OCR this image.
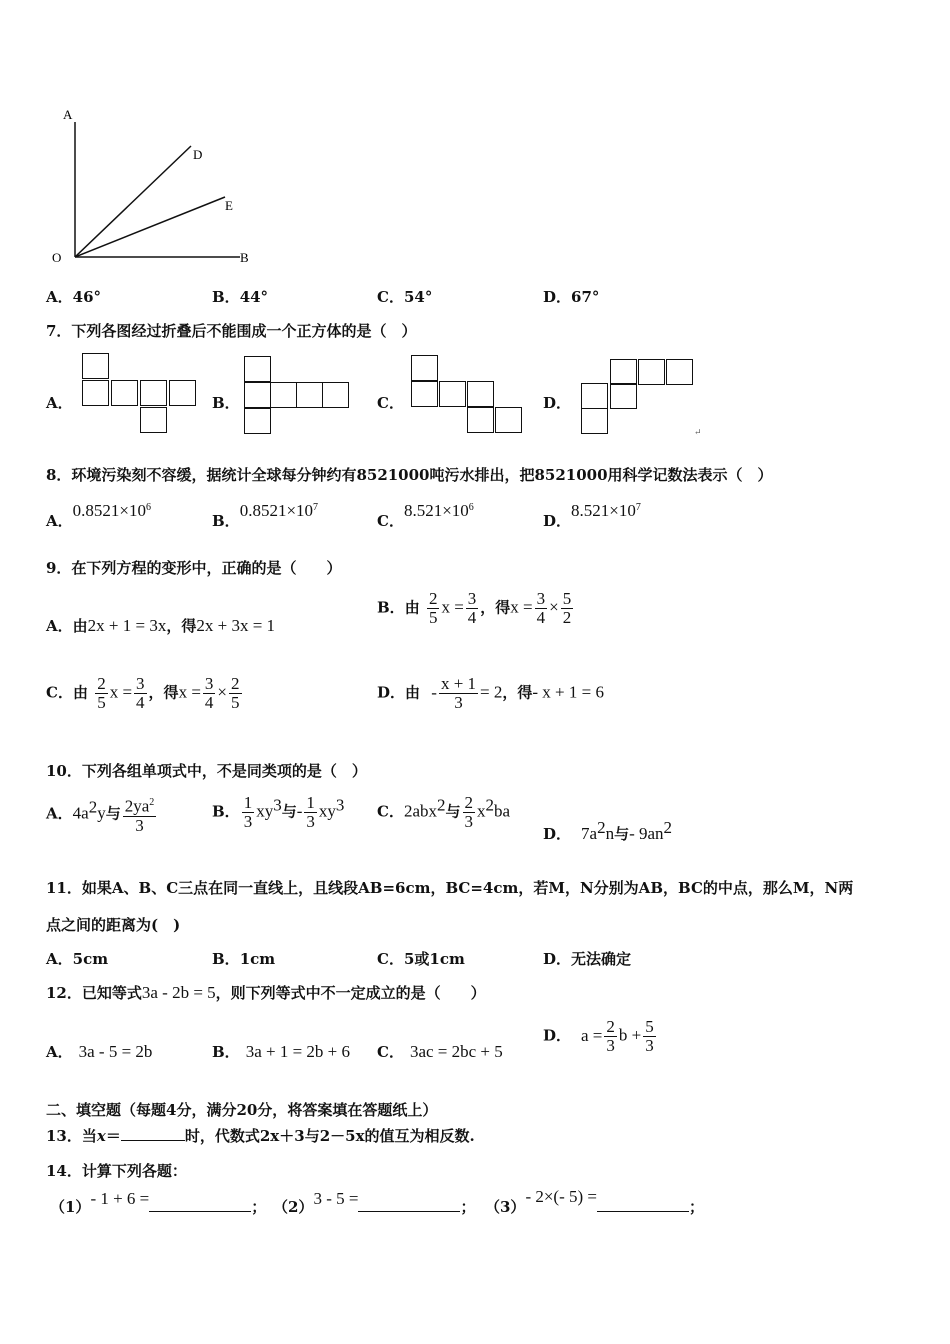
A
D
E
O	B
A．46°	B．44°	C．54°	D．67°
7．下列各图经过折叠后不能围成一个正方体的是（　）
A．	B．	C．	D．
↵
8．环境污染刻不容缓，据统计全球每分钟约有8521000吨污水排出，把8521000用科学记数法表示（　）
A．$0.8521\times 10^6$
B．$0.8521\times 10^7$
C．$8.521\times 10^6$
D．$8.521\times 10^7$
9．在下列方程的变形中，正确的是（　　）
A．由2x + 1 = 3x，得2x + 3x = 1
B．由 $\frac{2}{5}$ $x = \frac{3}{4}$ ，得$x = \frac{3}{4} \times \frac{5}{2}$
C．由 $\frac{2}{5}$ $x = \frac{3}{4}$ ，得$x = \frac{3}{4} \times \frac{2}{5}$	D．由 - $\frac{x + 1}{3} = 2$，得- x + 1 = 6
10．下列各组单项式中，不是同类项的是（　）
A．$4a^2y$与 $\frac{2ya^2}{3}$	B． $\frac{1}{3} xy^3$与- $\frac{1}{3} xy^3$ C．2abx$^2$与 $\frac{2}{3} x^2ba$
D． $7a^2n$与- $9an^2$
11．如果A、B、C三点在同一直线上，且线段AB=6cm，BC=4cm，若M，N分别为AB，BC的中点，那么M，N两
点之间的距离为(　)
A．5cm	B．1cm	C．5或1cm	D．无法确定
12．已知等式3a - 2b = 5，则下列等式中不一定成立的是（　　）
A． 3a - 5 = 2b	B． 3a + 1 = 2b + 6 C． 3ac = 2bc + 5
D． $a = \frac{2}{3}$ $b + \frac{5}{3}$
二、填空题（每题4分，满分20分，将答案填在答题纸上）
13．当x＝	时，代数式2x＋3与2－5x的值互为相反数.
14．计算下列各题：
（1）- 1 + 6 =	； （2）3 - 5 =	； （3）- 2×(- 5) =；
